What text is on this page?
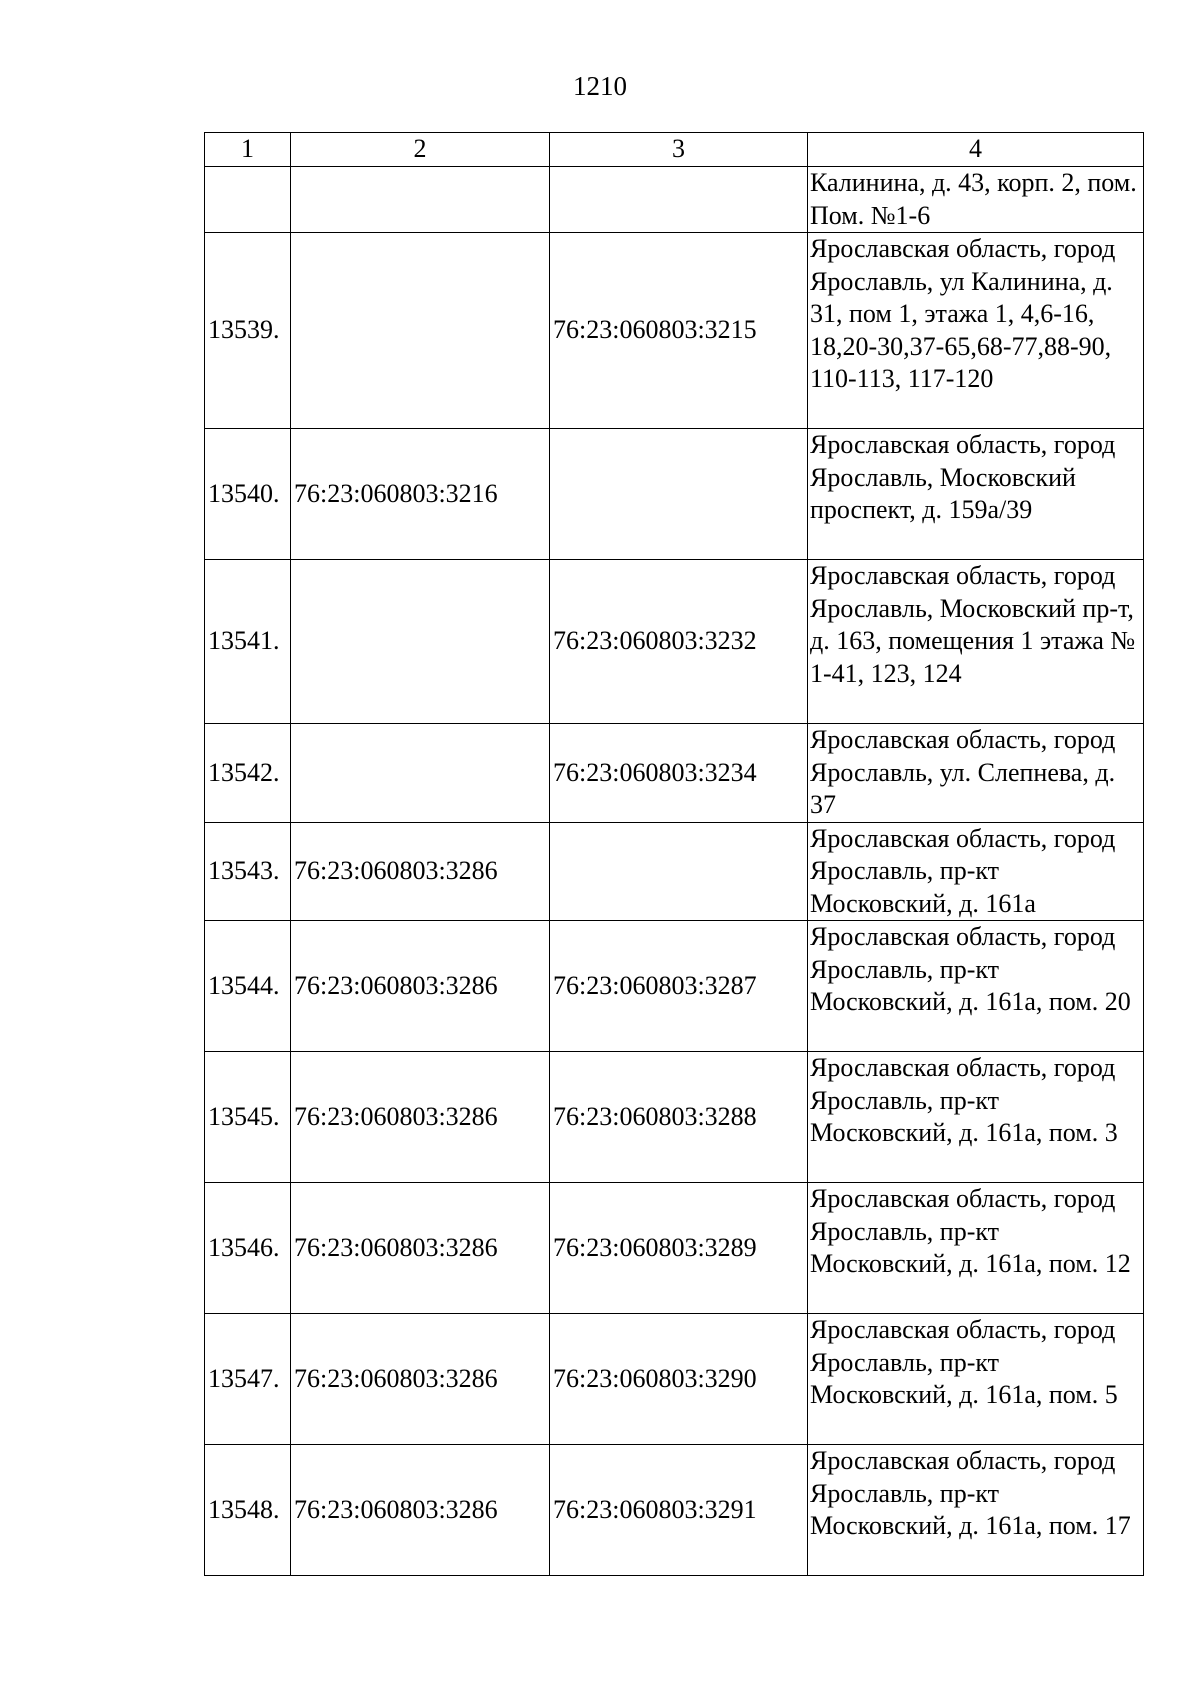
1210
1	2	3	4
			Калинина, д. 43, корп. 2, пом. Пом. №1-6
13539.		76:23:060803:3215	Ярославская область, город Ярославль, ул Калинина, д. 31, пом 1, этажа 1, 4,6-16, 18,20-30,37-65,68-77,88-90, 110-113, 117-120
13540.	76:23:060803:3216		Ярославская область, город Ярославль, Московский проспект, д. 159а/39
13541.		76:23:060803:3232	Ярославская область, город Ярославль, Московский пр-т, д. 163, помещения 1 этажа № 1-41, 123, 124
13542.		76:23:060803:3234	Ярославская область, город Ярославль, ул. Слепнева, д. 37
13543.	76:23:060803:3286		Ярославская область, город Ярославль, пр-кт Московский, д. 161а
13544.	76:23:060803:3286	76:23:060803:3287	Ярославская область, город Ярославль, пр-кт Московский, д. 161а, пом. 20
13545.	76:23:060803:3286	76:23:060803:3288	Ярославская область, город Ярославль, пр-кт Московский, д. 161а, пом. 3
13546.	76:23:060803:3286	76:23:060803:3289	Ярославская область, город Ярославль, пр-кт Московский, д. 161а, пом. 12
13547.	76:23:060803:3286	76:23:060803:3290	Ярославская область, город Ярославль, пр-кт Московский, д. 161а, пом. 5
13548.	76:23:060803:3286	76:23:060803:3291	Ярославская область, город Ярославль, пр-кт Московский, д. 161а, пом. 17
